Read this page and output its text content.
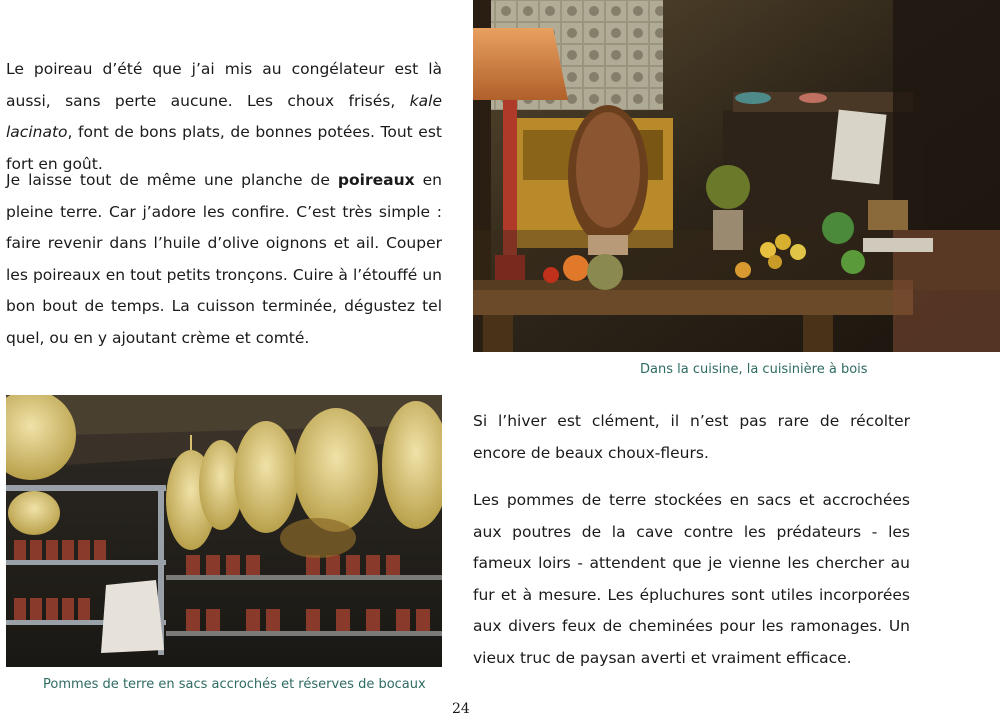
Le poireau d’été que j’ai mis au congélateur est là aussi, sans perte aucune. Les choux frisés, kale lacinato, font de bons plats, de bonnes potées. Tout est fort en goût.

Je laisse tout de même une planche de poireaux en pleine terre. Car j’adore les confire. C’est très simple : faire revenir dans l’huile d’olive oignons et ail. Couper les poireaux en tout petits tronçons. Cuire à l’étouffé un bon bout de temps. La cuisson terminée, dégustez tel quel, ou en y ajoutant crème et comté.

Dans la cuisine, la cuisinière à bois

Pommes de terre en sacs accrochés et réserves de bocaux

Si l’hiver est clément, il n’est pas rare de récolter encore de beaux choux-fleurs.

Les pommes de terre stockées en sacs et accrochées aux poutres de la cave contre les prédateurs - les fameux loirs - attendent que je vienne les chercher au fur et à mesure. Les épluchures sont utiles incorporées aux divers feux de cheminées pour les ramonages. Un vieux truc de paysan averti et vraiment efficace.

24
